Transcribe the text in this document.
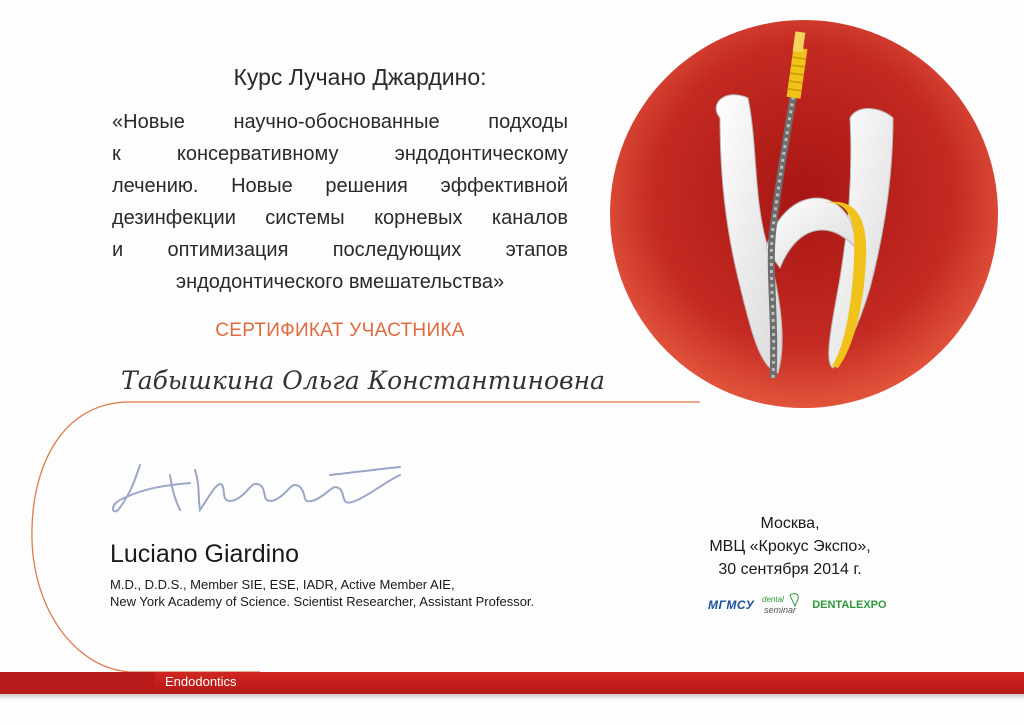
Курс Лучано Джардино:
«Новые научно-обоснованные подходы
к консервативному эндодонтическому
лечению. Новые решения эффективной
дезинфекции системы корневых каналов
и оптимизация последующих этапов
эндодонтического вмешательства»
СЕРТИФИКАТ УЧАСТНИКА
Табышкина Ольга Константиновна
Luciano Giardino
M.D., D.D.S., Member SIE, ESE, IADR, Active Member AIE,
New York Academy of Science. Scientist Researcher, Assistant Professor.
Москва,
МВЦ «Крокус Экспо»,
30 сентября 2014 г.
МГМСУ dental
seminar DENTALEXPO
Endodontics
